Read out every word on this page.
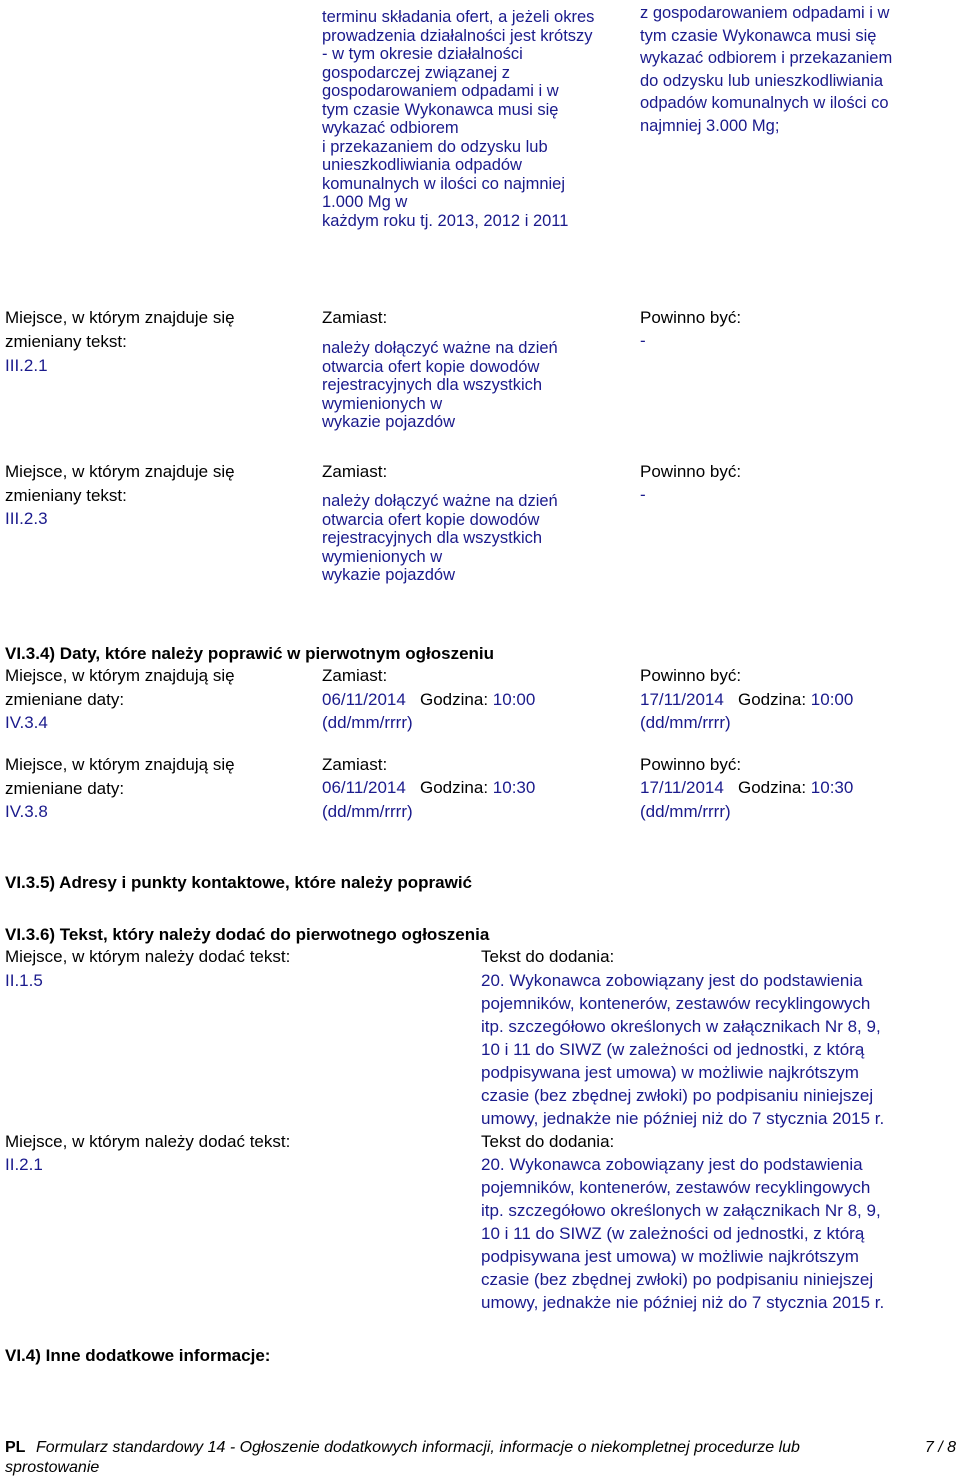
terminu składania ofert, a jeżeli okres
prowadzenia działalności jest krótszy
- w tym okresie działalności
gospodarczej związanej z
gospodarowaniem odpadami i w
tym czasie Wykonawca musi się
wykazać odbiorem
i przekazaniem do odzysku lub
unieszkodliwiania odpadów
komunalnych w ilości co najmniej
1.000 Mg w
każdym roku tj. 2013, 2012 i 2011
z gospodarowaniem odpadami i w
tym czasie Wykonawca musi się
wykazać odbiorem i przekazaniem
do odzysku lub unieszkodliwiania
odpadów komunalnych w ilości co
najmniej 3.000 Mg;
Miejsce, w którym znajduje się
zmieniany tekst:
III.2.1
Zamiast:
należy dołączyć ważne na dzień
otwarcia ofert kopie dowodów
rejestracyjnych dla wszystkich
wymienionych w
wykazie pojazdów
Powinno być:
-
Miejsce, w którym znajduje się
zmieniany tekst:
III.2.3
Zamiast:
należy dołączyć ważne na dzień
otwarcia ofert kopie dowodów
rejestracyjnych dla wszystkich
wymienionych w
wykazie pojazdów
Powinno być:
-
VI.3.4) Daty, które należy poprawić w pierwotnym ogłoszeniu
Miejsce, w którym znajdują się
zmieniane daty:
IV.3.4
Zamiast:
06/11/2014 Godzina: 10:00
(dd/mm/rrrr)
Powinno być:
17/11/2014 Godzina: 10:00
(dd/mm/rrrr)
Miejsce, w którym znajdują się
zmieniane daty:
IV.3.8
Zamiast:
06/11/2014 Godzina: 10:30
(dd/mm/rrrr)
Powinno być:
17/11/2014 Godzina: 10:30
(dd/mm/rrrr)
VI.3.5) Adresy i punkty kontaktowe, które należy poprawić
VI.3.6) Tekst, który należy dodać do pierwotnego ogłoszenia
Miejsce, w którym należy dodać tekst:
II.1.5
Tekst do dodania:
20. Wykonawca zobowiązany jest do podstawienia
pojemników, kontenerów, zestawów recyklingowych
itp. szczegółowo określonych w załącznikach Nr 8, 9,
10 i 11 do SIWZ (w zależności od jednostki, z którą
podpisywana jest umowa) w możliwie najkrótszym
czasie (bez zbędnej zwłoki) po podpisaniu niniejszej
umowy, jednakże nie później niż do 7 stycznia 2015 r.
Miejsce, w którym należy dodać tekst:
II.2.1
Tekst do dodania:
20. Wykonawca zobowiązany jest do podstawienia
pojemników, kontenerów, zestawów recyklingowych
itp. szczegółowo określonych w załącznikach Nr 8, 9,
10 i 11 do SIWZ (w zależności od jednostki, z którą
podpisywana jest umowa) w możliwie najkrótszym
czasie (bez zbędnej zwłoki) po podpisaniu niniejszej
umowy, jednakże nie później niż do 7 stycznia 2015 r.
VI.4) Inne dodatkowe informacje:
PL Formularz standardowy 14 - Ogłoszenie dodatkowych informacji, informacje o niekompletnej procedurze lub
sprostowanie
7 / 8
